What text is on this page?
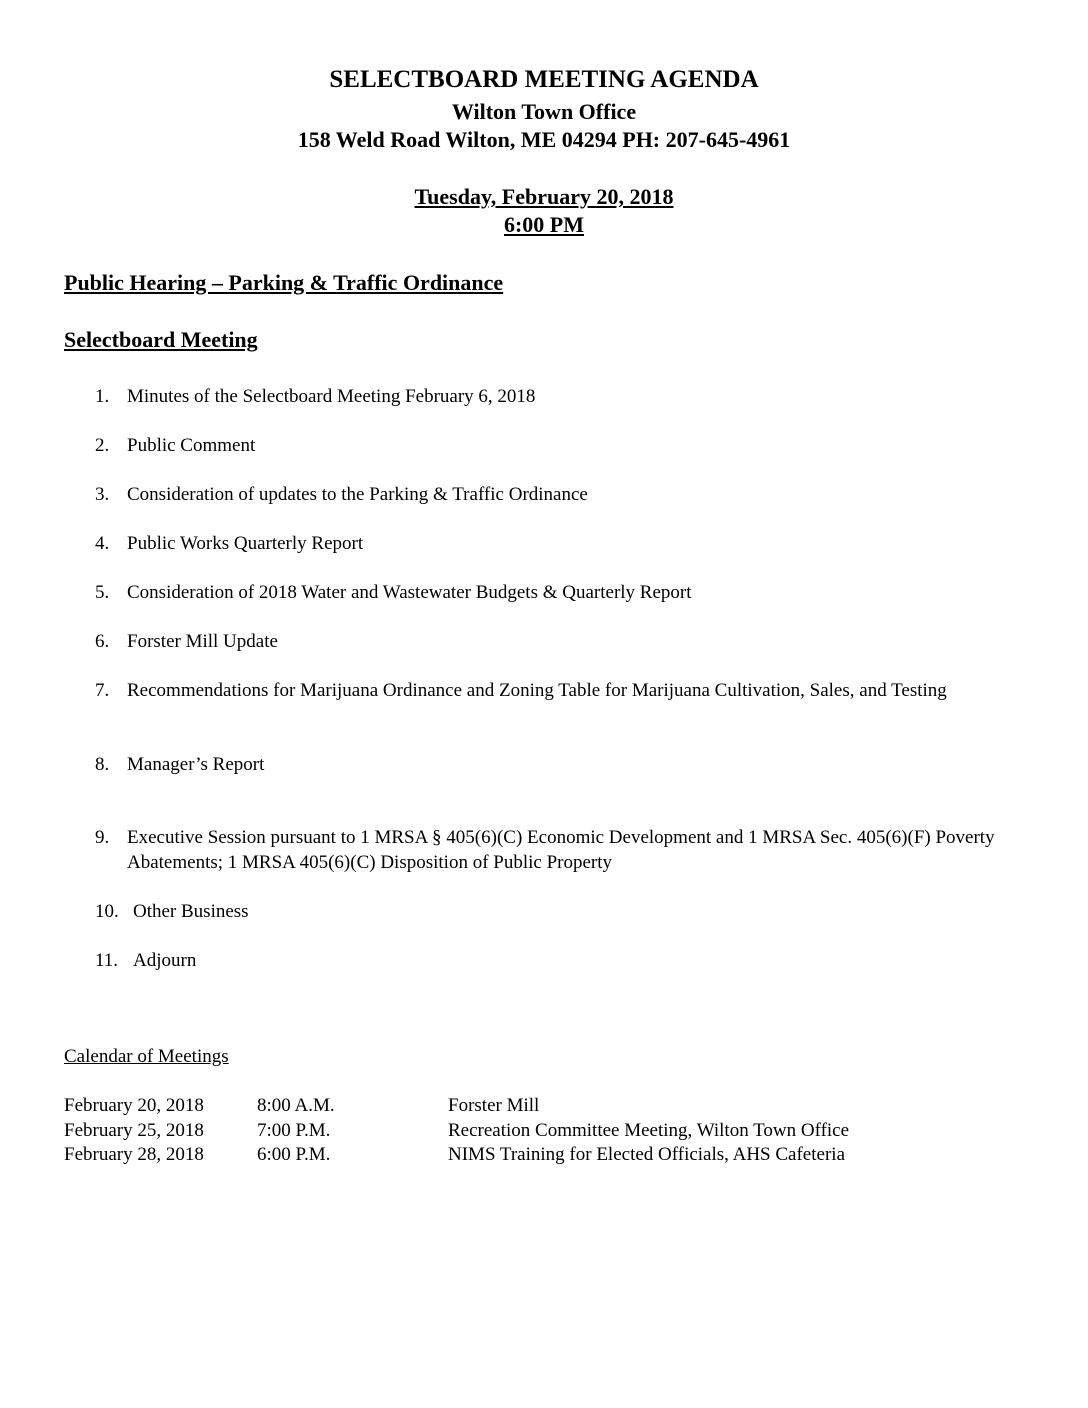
SELECTBOARD MEETING AGENDA
Wilton Town Office
158 Weld Road Wilton, ME 04294 PH: 207-645-4961
Tuesday, February 20, 2018
6:00 PM
Public Hearing – Parking & Traffic Ordinance
Selectboard Meeting
1. Minutes of the Selectboard Meeting February 6, 2018
2. Public Comment
3. Consideration of updates to the Parking & Traffic Ordinance
4. Public Works Quarterly Report
5. Consideration of 2018 Water and Wastewater Budgets & Quarterly Report
6. Forster Mill Update
7. Recommendations for Marijuana Ordinance and Zoning Table for Marijuana Cultivation, Sales, and Testing
8. Manager’s Report
9. Executive Session pursuant to 1 MRSA § 405(6)(C) Economic Development and 1 MRSA Sec. 405(6)(F) Poverty Abatements; 1 MRSA 405(6)(C) Disposition of Public Property
10. Other Business
11. Adjourn
Calendar of Meetings
February 20, 2018	8:00 A.M.	Forster Mill
February 25, 2018	7:00 P.M.	Recreation Committee Meeting, Wilton Town Office
February 28, 2018	6:00 P.M.	NIMS Training for Elected Officials, AHS Cafeteria
